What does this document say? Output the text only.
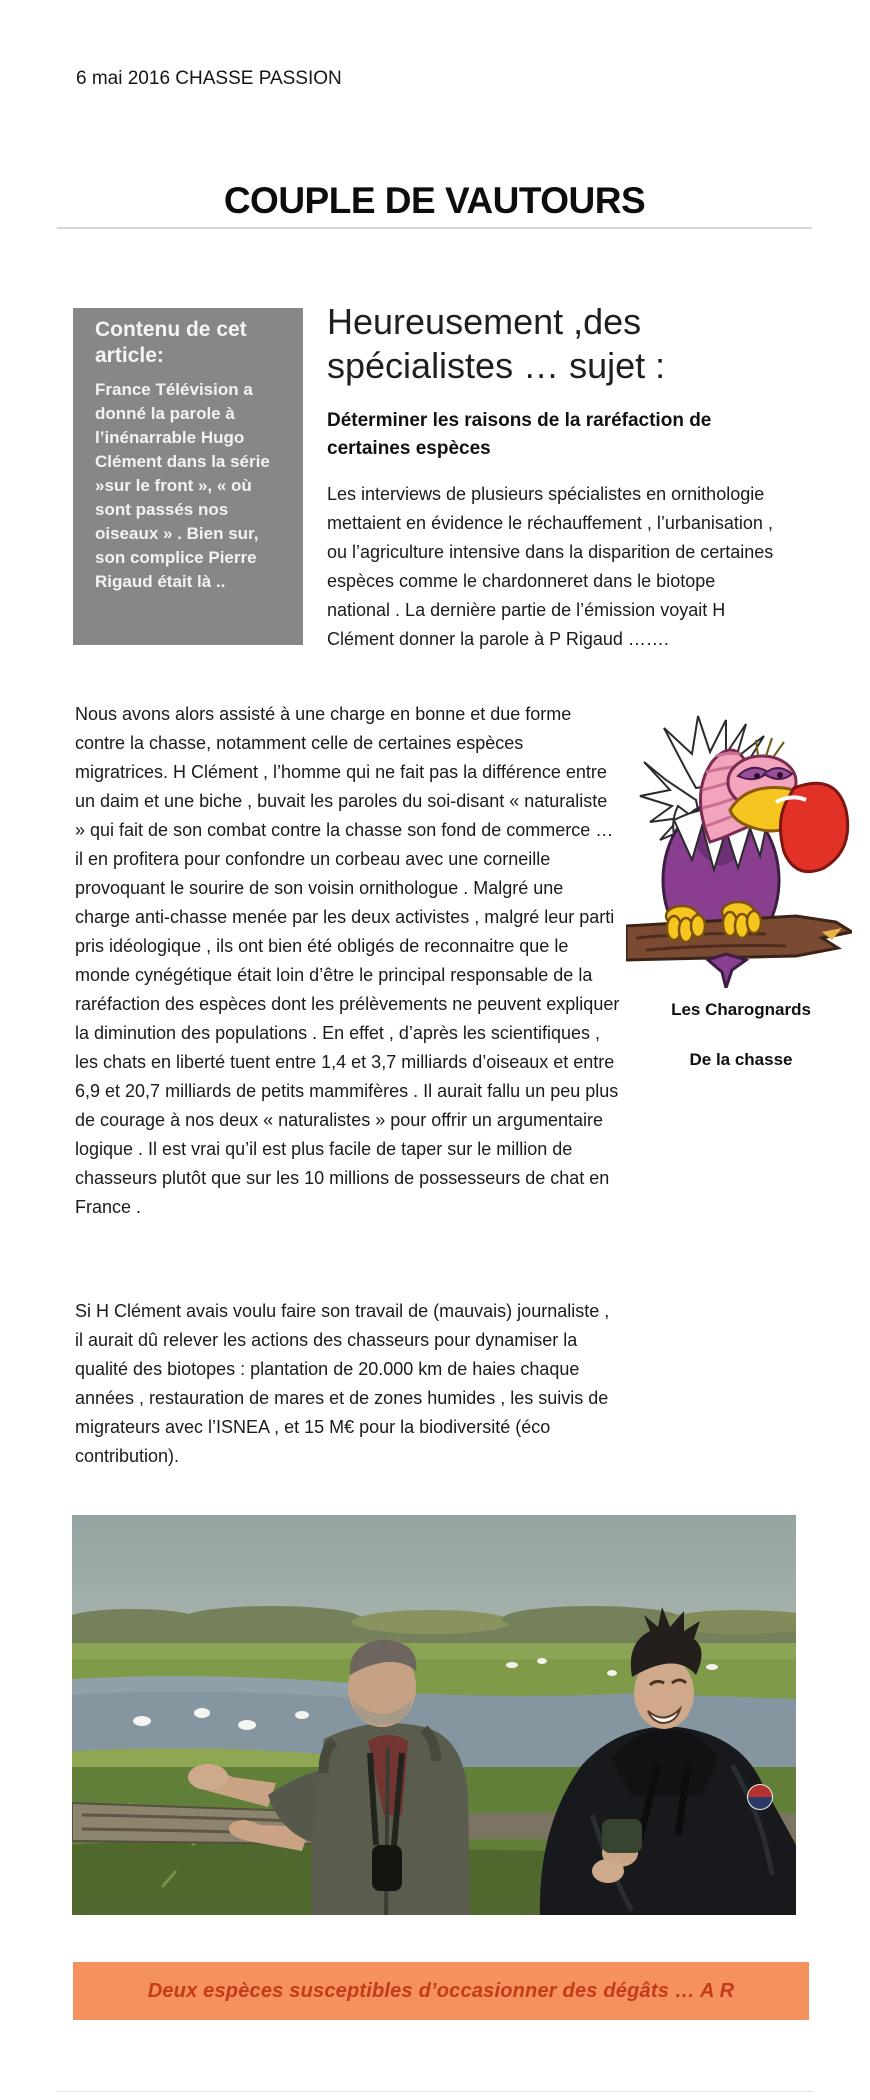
6 mai 2016 CHASSE PASSION
COUPLE DE VAUTOURS

Contenu de cet article:

France Télévision a donné la parole à l’inénarrable Hugo Clément dans la série »sur le front », « où sont passés nos oiseaux » . Bien sur, son complice Pierre Rigaud était là ..

Heureusement ,des spécialistes … sujet :
Déterminer les raisons de la raréfaction de certaines espèces

Les interviews de plusieurs spécialistes en ornithologie mettaient en évidence le réchauffement , l’urbanisation , ou l’agriculture intensive dans la disparition de certaines espèces comme le chardonneret dans le biotope national . La dernière partie de l’émission voyait H Clément donner la parole à P Rigaud …….

Nous avons alors assisté à une charge en bonne et due forme contre la chasse, notamment celle de certaines espèces migratrices. H Clément , l’homme qui ne fait pas la différence entre un daim et une biche , buvait les paroles du soi-disant « naturaliste » qui fait de son combat contre la chasse son fond de commerce … il en profitera pour confondre un corbeau avec une corneille provoquant le sourire de son voisin ornithologue . Malgré une charge anti-chasse menée par les deux activistes , malgré leur parti pris idéologique , ils ont bien été obligés de reconnaitre que le monde cynégétique était loin d’être le principal responsable de la raréfaction des espèces dont les prélèvements ne peuvent expliquer la diminution des populations . En effet , d’après les scientifiques , les chats en liberté tuent entre 1,4 et 3,7 milliards d’oiseaux et entre 6,9 et 20,7 milliards de petits mammifères . Il aurait fallu un peu plus de courage à nos deux « naturalistes » pour offrir un argumentaire logique . Il est vrai qu’il est plus facile de taper sur le million de chasseurs plutôt que sur les 10 millions de possesseurs de chat en France .
Si H Clément avais voulu faire son travail de (mauvais) journaliste , il aurait dû relever les actions des chasseurs pour dynamiser la qualité des biotopes : plantation de 20.000 km de haies chaque années , restauration de mares et de zones humides , les suivis de migrateurs avec l’ISNEA , et 15 M€ pour la biodiversité (éco contribution).
Les Charognards
De la chasse
Deux espèces susceptibles d’occasionner des dégâts … A R
